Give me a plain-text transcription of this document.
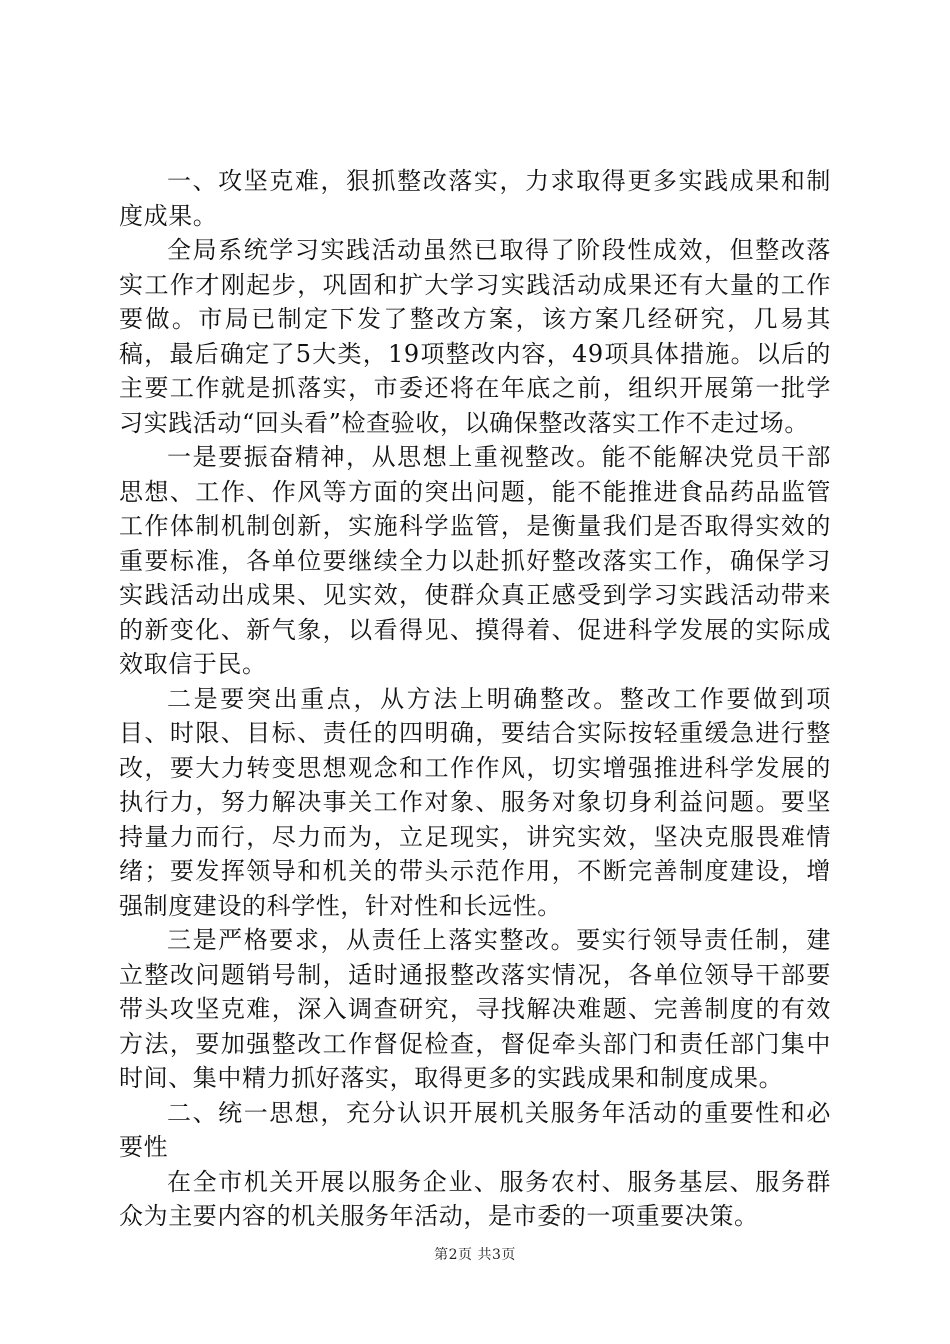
一、攻坚克难，狠抓整改落实，力求取得更多实践成果和制度成果。

全局系统学习实践活动虽然已取得了阶段性成效，但整改落实工作才刚起步，巩固和扩大学习实践活动成果还有大量的工作要做。市局已制定下发了整改方案，该方案几经研究，几易其稿，最后确定了5大类，19项整改内容，49项具体措施。以后的主要工作就是抓落实，市委还将在年底之前，组织开展第一批学习实践活动“回头看”检查验收，以确保整改落实工作不走过场。

一是要振奋精神，从思想上重视整改。能不能解决党员干部思想、工作、作风等方面的突出问题，能不能推进食品药品监管工作体制机制创新，实施科学监管，是衡量我们是否取得实效的重要标准，各单位要继续全力以赴抓好整改落实工作，确保学习实践活动出成果、见实效，使群众真正感受到学习实践活动带来的新变化、新气象，以看得见、摸得着、促进科学发展的实际成效取信于民。

二是要突出重点，从方法上明确整改。整改工作要做到项目、时限、目标、责任的四明确，要结合实际按轻重缓急进行整改，要大力转变思想观念和工作作风，切实增强推进科学发展的执行力，努力解决事关工作对象、服务对象切身利益问题。要坚持量力而行，尽力而为，立足现实，讲究实效，坚决克服畏难情绪；要发挥领导和机关的带头示范作用，不断完善制度建设，增强制度建设的科学性，针对性和长远性。

三是严格要求，从责任上落实整改。要实行领导责任制，建立整改问题销号制，适时通报整改落实情况，各单位领导干部要带头攻坚克难，深入调查研究，寻找解决难题、完善制度的有效方法，要加强整改工作督促检查，督促牵头部门和责任部门集中时间、集中精力抓好落实，取得更多的实践成果和制度成果。

二、统一思想，充分认识开展机关服务年活动的重要性和必要性

在全市机关开展以服务企业、服务农村、服务基层、服务群众为主要内容的机关服务年活动，是市委的一项重要决策。

第2页 共3页
